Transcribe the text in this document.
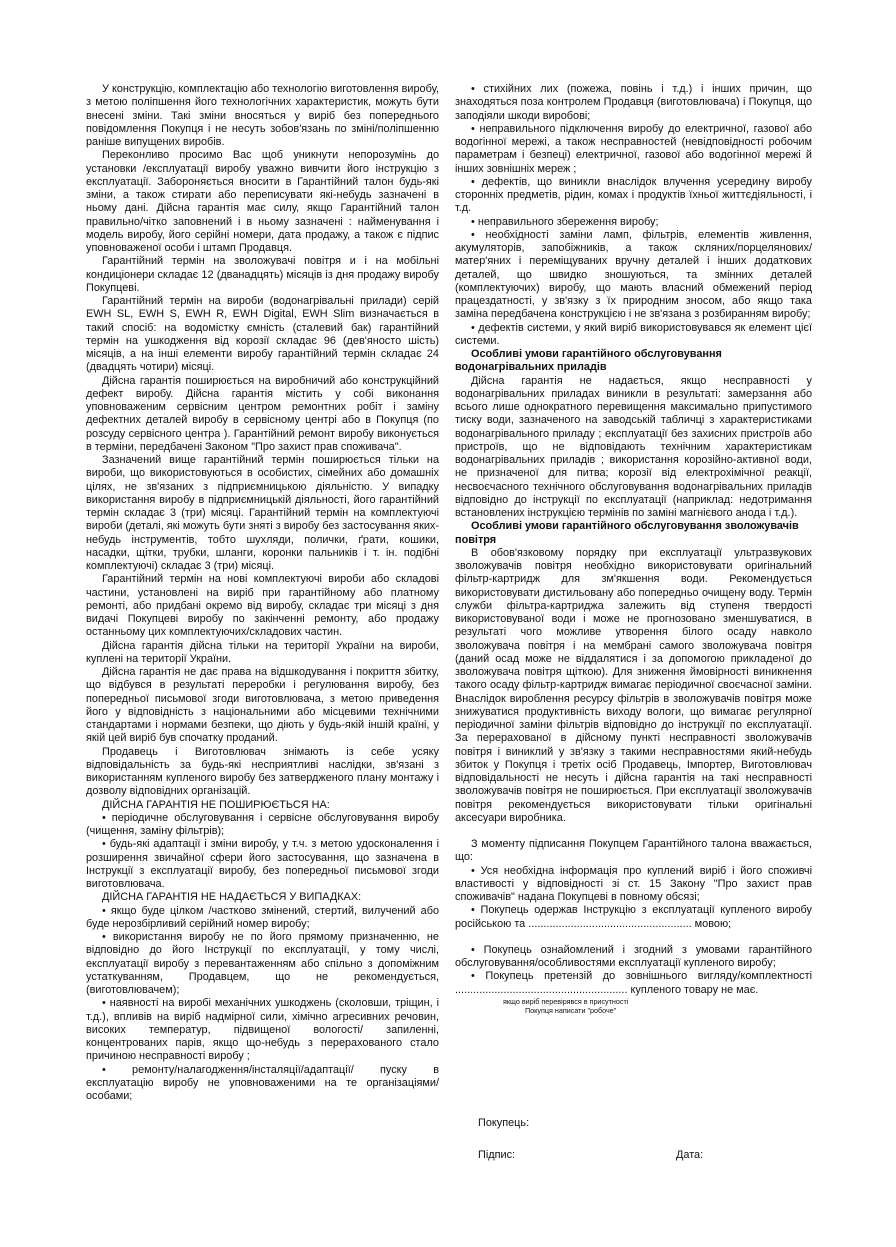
У конструкцію, комплектацію або технологію виготовлення виробу, з метою поліпшення його технологічних характеристик, можуть бути внесені зміни. Такі зміни вносяться у виріб без попереднього повідомлення Покупця і не несуть зобов'язань по зміні/поліпшенню раніше випущених виробів.

Переконливо просимо Вас щоб уникнути непорозумінь до установки /експлуатації виробу уважно вивчити його інструкцію з експлуатації. Забороняється вносити в Гарантійний талон будь-які зміни, а також стирати або переписувати які-небудь зазначені в ньому дані. Дійсна гарантія має силу, якщо Гарантійний талон правильно/чітко заповнений і в ньому зазначені : найменування і модель виробу, його серійні номери, дата продажу, а також є підпис уповноваженої особи і штамп Продавця.

Гарантійний термін на зволожувачі повітря и і на мобільні кондиціонери складає 12 (дванадцять) місяців із дня продажу виробу Покупцеві.

Гарантійний термін на вироби (водонагрівальні прилади) серій EWH SL, EWH S, EWH R, EWH Digital, EWH Slim визначається в такий спосіб: на водомістку ємність (сталевий бак) гарантійний термін на ушкодження від корозії складає 96 (дев'яносто шість) місяців, а на інші елементи виробу гарантійний термін складає 24 (двадцять чотири) місяці.

Дійсна гарантія поширюється на виробничий або конструкційний дефект виробу. Дійсна гарантія містить у собі виконання уповноваженим сервісним центром ремонтних робіт і заміну дефектних деталей виробу в сервісному центрі або в Покупця (по розсуду сервісного центра ). Гарантійний ремонт виробу виконується в терміни, передбачені Законом "Про захист прав споживача".

Зазначений вище гарантійний термін поширюється тільки на вироби, що використовуються в особистих, сімейних або домашніх цілях, не зв'язаних з підприємницькою діяльністю. У випадку використання виробу в підприємницькій діяльності, його гарантійний термін складає 3 (три) місяці. Гарантійний термін на комплектуючі вироби (деталі, які можуть бути зняті з виробу без застосування яких-небудь інструментів, тобто шухляди, полички, ґрати, кошики, насадки, щітки, трубки, шланги, коронки пальників і т. ін. подібні комплектуючі) складає 3 (три) місяці.

Гарантійний термін на нові комплектуючі вироби або складові частини, установлені на виріб при гарантійному або платному ремонті, або придбані окремо від виробу, складає три місяці з дня видачі Покупцеві виробу по закінченні ремонту, або продажу останньому цих комплектуючих/складових частин.

Дійсна гарантія дійсна тільки на території України на вироби, куплені на території України.

Дійсна гарантія не дає права на відшкодування і покриття збитку, що відбувся в результаті переробки і регулювання виробу, без попередньої письмової згоди виготовлювача, з метою приведення його у відповідність з національними або місцевими технічними стандартами і нормами безпеки, що діють у будь-якій іншій країні, у якій цей виріб був спочатку проданий.

Продавець і Виготовлювач знімають із себе усяку відповідальність за будь-які несприятливі наслідки, зв'язані з використанням купленого виробу без затвердженого плану монтажу і дозволу відповідних організацій.

ДІЙСНА ГАРАНТІЯ НЕ ПОШИРЮЄТЬСЯ НА:

• періодичне обслуговування і сервісне обслуговування виробу (чищення, заміну фільтрів);

• будь-які адаптації і зміни виробу, у т.ч. з метою удосконалення і розширення звичайної сфери його застосування, що зазначена в Інструкції з експлуатації виробу, без попередньої письмової згоди виготовлювача.

ДІЙСНА ГАРАНТІЯ НЕ НАДАЄТЬСЯ У ВИПАДКАХ:

• якщо буде цілком /частково змінений, стертий, вилучений або буде нерозбірливий серійний номер виробу;

• використання виробу не по його прямому призначенню, не відповідно до його Інструкції по експлуатації, у тому числі, експлуатації виробу з перевантаженням або спільно з допоміжним устаткуванням, Продавцем, що не рекомендується, (виготовлювачем);

• наявності на виробі механічних ушкоджень (сколовши, тріщин, і т.д.), впливів на виріб надмірної сили, хімічно агресивних речовин, високих температур, підвищеної вологості/ запиленні, концентрованих парів, якщо що-небудь з перерахованого стало причиною несправності виробу ;

• ремонту/налагодження/інсталяції/адаптації/ пуску в експлуатацію виробу не уповноваженими на те організаціями/особами;

• стихійних лих (пожежа, повінь і т.д.) і інших причин, що знаходяться поза контролем Продавця (виготовлювача) і Покупця, що заподіяли шкоди виробові;

• неправильного підключення виробу до електричної, газової або водогінної мережі, а також несправностей (невідповідності робочим параметрам і безпеці) електричної, газової або водогінної мережі й інших зовнішніх мереж ;

• дефектів, що виникли внаслідок влучення усередину виробу сторонніх предметів, рідин, комах і продуктів їхньої життєдіяльності, і т.д.

• неправильного збереження виробу;

• необхідності заміни ламп, фільтрів, елементів живлення, акумуляторів, запобіжників, а також скляних/порцелянових/матер'яних і переміщуваних вручну деталей і інших додаткових деталей, що швидко зношуються, та змінних деталей (комплектуючих) виробу, що мають власний обмежений період працездатності, у зв'язку з їх природним зносом, або якщо така заміна передбачена конструкцією і не зв'язана з розбиранням виробу;

• дефектів системи, у який виріб використовувався як елемент цієї системи.

Особливі умови гарантійного обслуговування водонагрівальних приладів

Дійсна гарантія не надається, якщо несправності у водонагрівальних приладах виникли в результаті: замерзання або всього лише однократного перевищення максимально припустимого тиску води, зазначеного на заводській табличці з характеристиками водонагрівального приладу ; експлуатації без захисних пристроїв або пристроїв, що не відповідають технічним характеристикам водонагрівальних приладів ; використання корозійно-активної води, не призначеної для питва; корозії від електрохімічної реакції, несвоєчасного технічного обслуговування водонагрівальних приладів відповідно до інструкції по експлуатації (наприклад: недотримання встановлених інструкцією термінів по заміні магнієвого анода і т.д.).

Особливі умови гарантійного обслуговування зволожувачів повітря

В обов'язковому порядку при експлуатації ультразвукових зволожувачів повітря необхідно використовувати оригінальний фільтр-картридж для зм'якшення води. Рекомендується використовувати дистильовану або попередньо очищену воду. Термін служби фільтра-картриджа залежить від ступеня твердості використовуваної води і може не прогнозовано зменшуватися, в результаті чого можливе утворення білого осаду навколо зволожувача повітря і на мембрані самого зволожувача повітря (даний осад може не віддалятися і за допомогою прикладеної до зволожувача повітря щіткою). Для зниження ймовірності виникнення такого осаду фільтр-картридж вимагає періодичної своєчасної заміни. Внаслідок вироблення ресурсу фільтрів в зволожувачів повітря може знижуватися продуктивність виходу вологи, що вимагає регулярної періодичної заміни фільтрів відповідно до інструкції по експлуатації. За перерахованої в дійсному пункті несправності зволожувачів повітря і виниклий у зв'язку з такими несправностями який-небудь збиток у Покупця і третіх осіб Продавець, Імпортер, Виготовлювач відповідальності не несуть і дійсна гарантія на такі несправності зволожувачів повітря не поширюється. При експлуатації зволожувачів повітря рекомендується використовувати тільки оригінальні аксесуари виробника.

З моменту підписання Покупцем Гарантійного талона вважається, що:

• Уся необхідна інформація про куплений виріб і його споживчі властивості у відповідності зі ст. 15 Закону "Про захист прав споживачів" надана Покупцеві в повному обсязі;

• Покупець одержав Інструкцію з експлуатації купленого виробу російською та ...................................................... мовою;

• Покупець ознайомлений і згодний з умовами гарантійного обслуговування/особливостями експлуатації купленого виробу;

• Покупець претензій до зовнішнього вигляду/комплектності ......................................................... купленого товару не має.

якщо виріб перевірявся в присутності
Покупця написати "робоче"
Покупець:
Підпис:	Дата:
